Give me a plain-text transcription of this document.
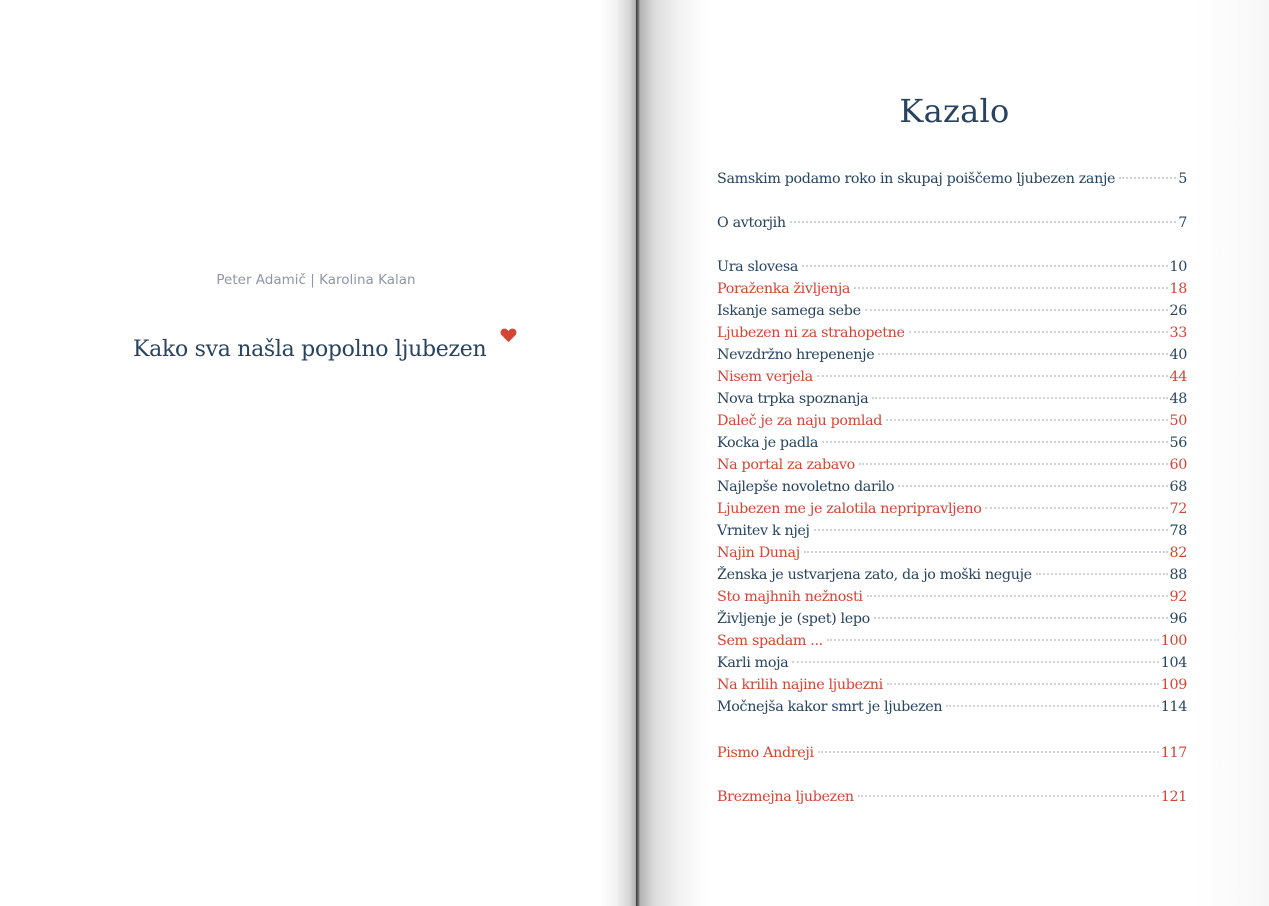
Peter Adamič | Karolina Kalan
Kako sva našla popolno ljubezen
Kazalo
Samskim podamo roko in skupaj poiščemo ljubezen zanje	5
O avtorjih	7
Ura slovesa	10
Poraženka življenja	18
Iskanje samega sebe	26
Ljubezen ni za strahopetne	33
Nevzdržno hrepenenje	40
Nisem verjela	44
Nova trpka spoznanja	48
Daleč je za naju pomlad	50
Kocka je padla	56
Na portal za zabavo	60
Najlepše novoletno darilo	68
Ljubezen me je zalotila nepripravljeno	72
Vrnitev k njej	78
Najin Dunaj	82
Ženska je ustvarjena zato, da jo moški neguje	88
Sto majhnih nežnosti	92
Življenje je (spet) lepo	96
Sem spadam ...	100
Karli moja	104
Na krilih najine ljubezni	109
Močnejša kakor smrt je ljubezen	114
Pismo Andreji	117
Brezmejna ljubezen	121
